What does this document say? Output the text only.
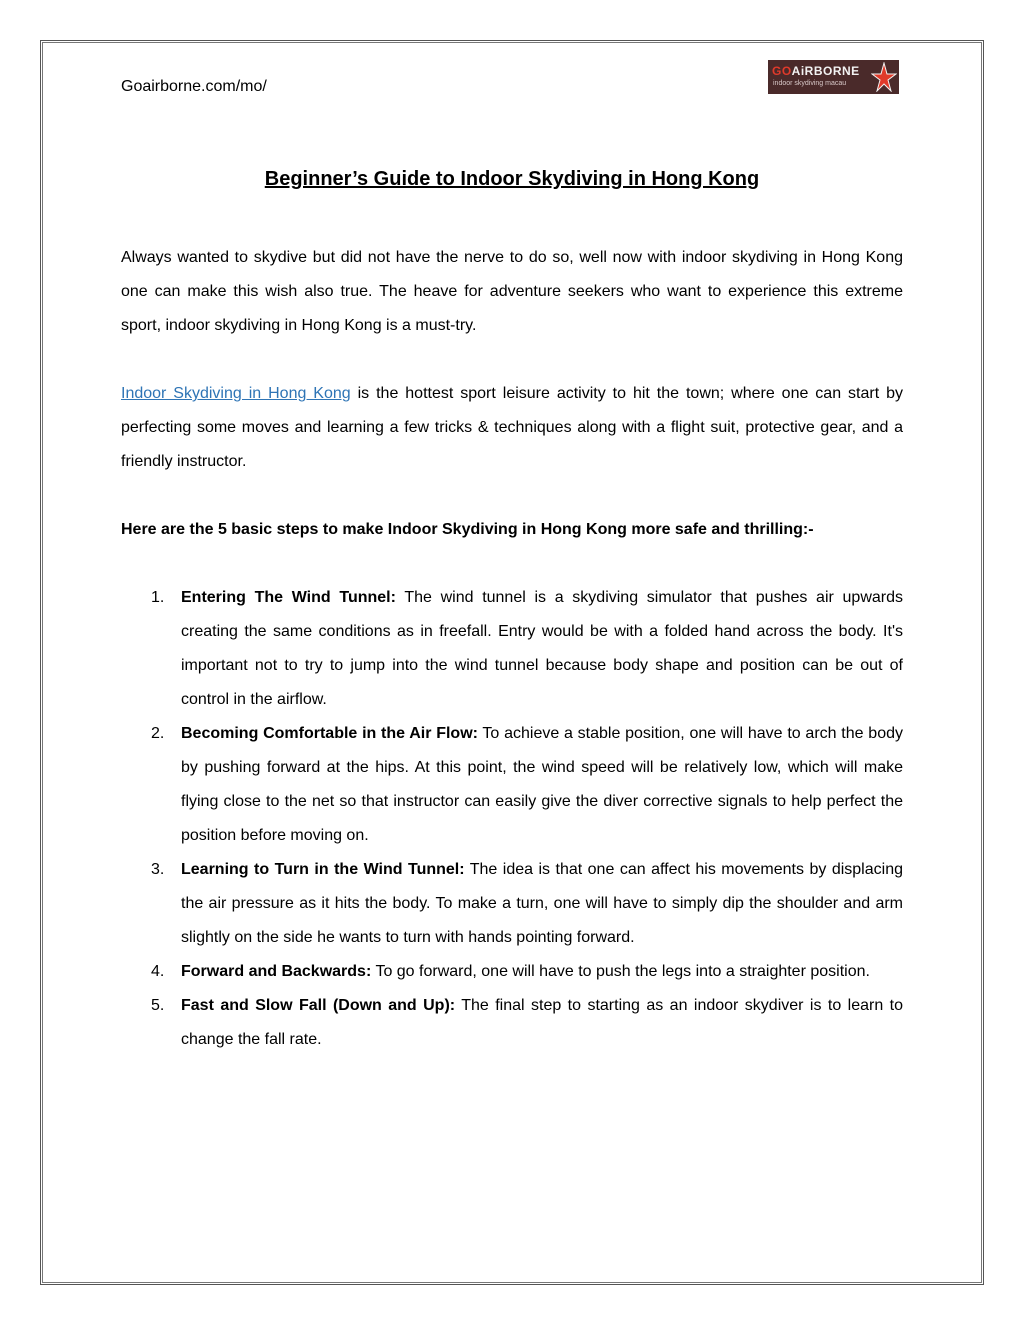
Goairborne.com/mo/
GOAiRBORNE
indoor skydiving macau
Beginner’s Guide to Indoor Skydiving in Hong Kong

Always wanted to skydive but did not have the nerve to do so, well now with indoor skydiving in Hong Kong one can make this wish also true. The heave for adventure seekers who want to experience this extreme sport, indoor skydiving in Hong Kong is a must-try.

Indoor Skydiving in Hong Kong is the hottest sport leisure activity to hit the town; where one can start by perfecting some moves and learning a few tricks & techniques along with a flight suit, protective gear, and a friendly instructor.

Here are the 5 basic steps to make Indoor Skydiving in Hong Kong more safe and thrilling:-

1. Entering The Wind Tunnel: The wind tunnel is a skydiving simulator that pushes air upwards creating the same conditions as in freefall. Entry would be with a folded hand across the body. It's important not to try to jump into the wind tunnel because body shape and position can be out of control in the airflow.
2. Becoming Comfortable in the Air Flow: To achieve a stable position, one will have to arch the body by pushing forward at the hips. At this point, the wind speed will be relatively low, which will make flying close to the net so that instructor can easily give the diver corrective signals to help perfect the position before moving on.
3. Learning to Turn in the Wind Tunnel: The idea is that one can affect his movements by displacing the air pressure as it hits the body. To make a turn, one will have to simply dip the shoulder and arm slightly on the side he wants to turn with hands pointing forward.
4. Forward and Backwards: To go forward, one will have to push the legs into a straighter position.
5. Fast and Slow Fall (Down and Up): The final step to starting as an indoor skydiver is to learn to change the fall rate.
